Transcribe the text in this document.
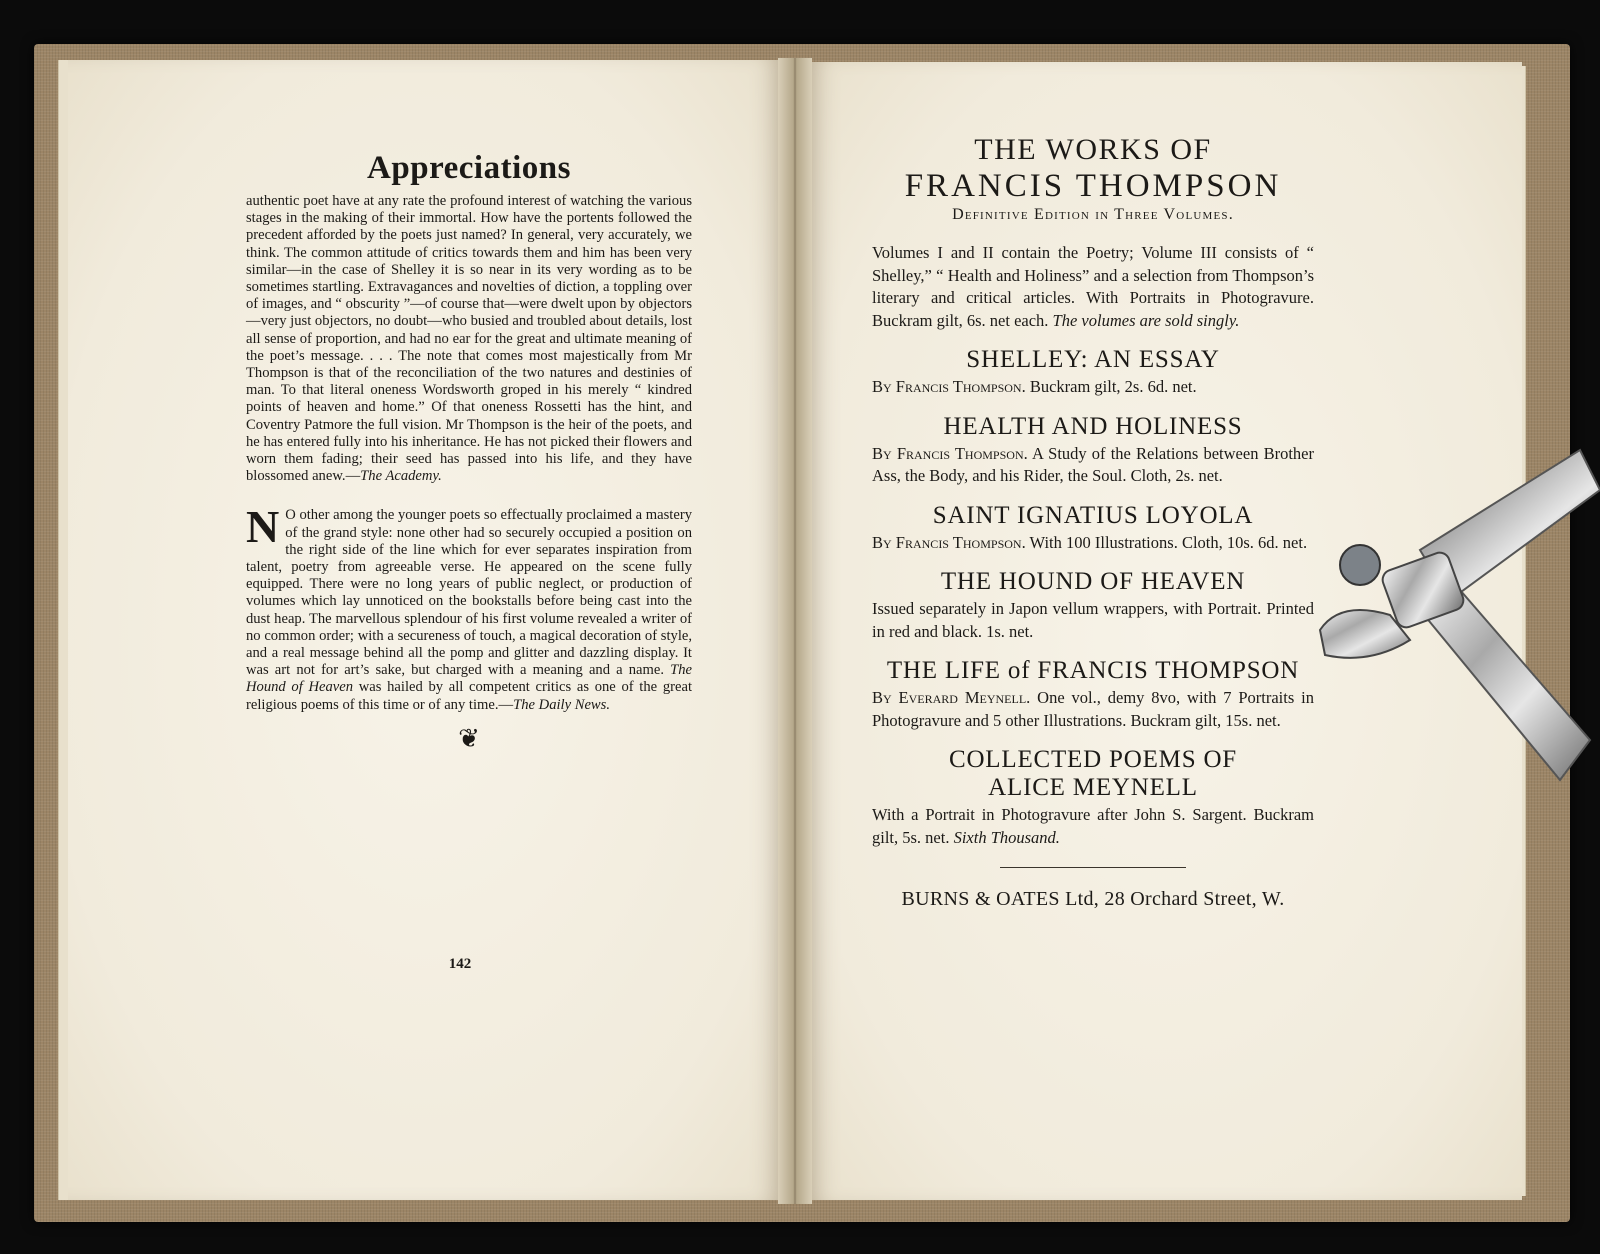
Appreciations

authentic poet have at any rate the profound interest of watching the various stages in the making of their immortal. How have the portents followed the precedent afforded by the poets just named? In general, very accurately, we think. The common attitude of critics towards them and him has been very similar—in the case of Shelley it is so near in its very wording as to be sometimes startling. Extravagances and novelties of diction, a toppling over of images, and “ obscurity ”—of course that—were dwelt upon by objectors—very just objectors, no doubt—who busied and troubled about details, lost all sense of proportion, and had no ear for the great and ultimate meaning of the poet’s message. . . . The note that comes most majestically from Mr Thompson is that of the reconciliation of the two natures and destinies of man. To that literal oneness Wordsworth groped in his merely “ kindred points of heaven and home.” Of that oneness Rossetti has the hint, and Coventry Patmore the full vision. Mr Thompson is the heir of the poets, and he has entered fully into his inheritance. He has not picked their flowers and worn them fading; their seed has passed into his life, and they have blossomed anew.—The Academy.

N O other among the younger poets so effectually proclaimed a mastery of the grand style: none other had so securely occupied a position on the right side of the line which for ever separates inspiration from talent, poetry from agreeable verse. He appeared on the scene fully equipped. There were no long years of public neglect, or production of volumes which lay unnoticed on the bookstalls before being cast into the dust heap. The marvellous splendour of his first volume revealed a writer of no common order; with a secureness of touch, a magical decoration of style, and a real message behind all the pomp and glitter and dazzling display. It was art not for art’s sake, but charged with a meaning and a name. The Hound of Heaven was hailed by all competent critics as one of the great religious poems of this time or of any time.—The Daily News.

❦
142

THE WORKS OF

FRANCIS THOMPSON

Definitive Edition in Three Volumes.

Volumes I and II contain the Poetry; Volume III consists of “ Shelley,” “ Health and Holiness” and a selection from Thompson’s literary and critical articles. With Portraits in Photogravure. Buckram gilt, 6s. net each. The volumes are sold singly.

SHELLEY: AN ESSAY

By Francis Thompson. Buckram gilt, 2s. 6d. net.

HEALTH AND HOLINESS

By Francis Thompson. A Study of the Relations between Brother Ass, the Body, and his Rider, the Soul. Cloth, 2s. net.

SAINT IGNATIUS LOYOLA

By Francis Thompson. With 100 Illustrations. Cloth, 10s. 6d. net.

THE HOUND OF HEAVEN

Issued separately in Japon vellum wrappers, with Portrait. Printed in red and black. 1s. net.

THE LIFE of FRANCIS THOMPSON

By Everard Meynell. One vol., demy 8vo, with 7 Portraits in Photogravure and 5 other Illustrations. Buckram gilt, 15s. net.

COLLECTED POEMS OF

ALICE MEYNELL

With a Portrait in Photogravure after John S. Sargent. Buckram gilt, 5s. net. Sixth Thousand.

BURNS & OATES Ltd, 28 Orchard Street, W.
